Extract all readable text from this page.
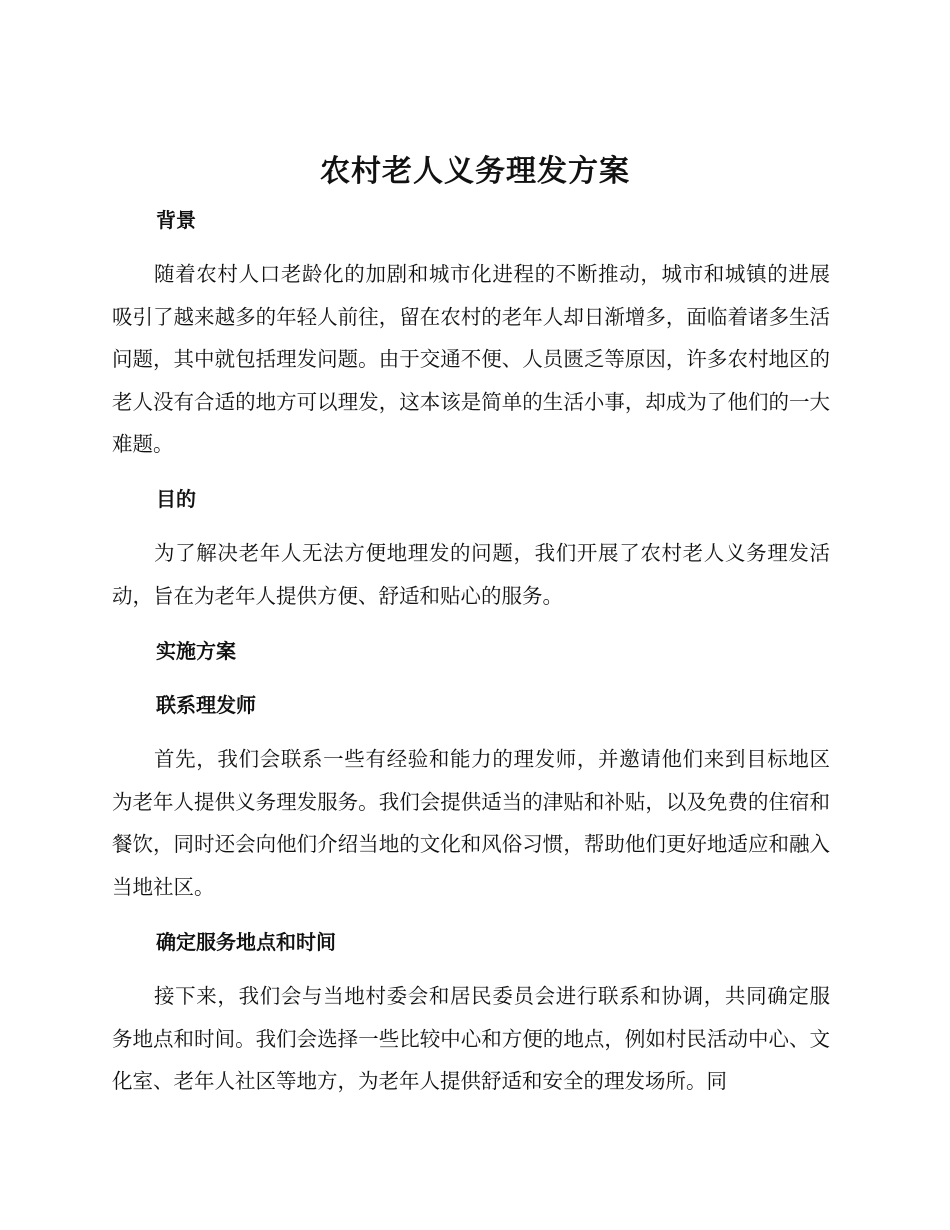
农村老人义务理发方案
背景
随着农村人口老龄化的加剧和城市化进程的不断推动，城市和城镇的进展吸引了越来越多的年轻人前往，留在农村的老年人却日渐增多，面临着诸多生活问题，其中就包括理发问题。由于交通不便、人员匮乏等原因，许多农村地区的老人没有合适的地方可以理发，这本该是简单的生活小事，却成为了他们的一大难题。
目的
为了解决老年人无法方便地理发的问题，我们开展了农村老人义务理发活动，旨在为老年人提供方便、舒适和贴心的服务。
实施方案
联系理发师
首先，我们会联系一些有经验和能力的理发师，并邀请他们来到目标地区为老年人提供义务理发服务。我们会提供适当的津贴和补贴，以及免费的住宿和餐饮，同时还会向他们介绍当地的文化和风俗习惯，帮助他们更好地适应和融入当地社区。
确定服务地点和时间
接下来，我们会与当地村委会和居民委员会进行联系和协调，共同确定服务地点和时间。我们会选择一些比较中心和方便的地点，例如村民活动中心、文化室、老年人社区等地方，为老年人提供舒适和安全的理发场所。同
